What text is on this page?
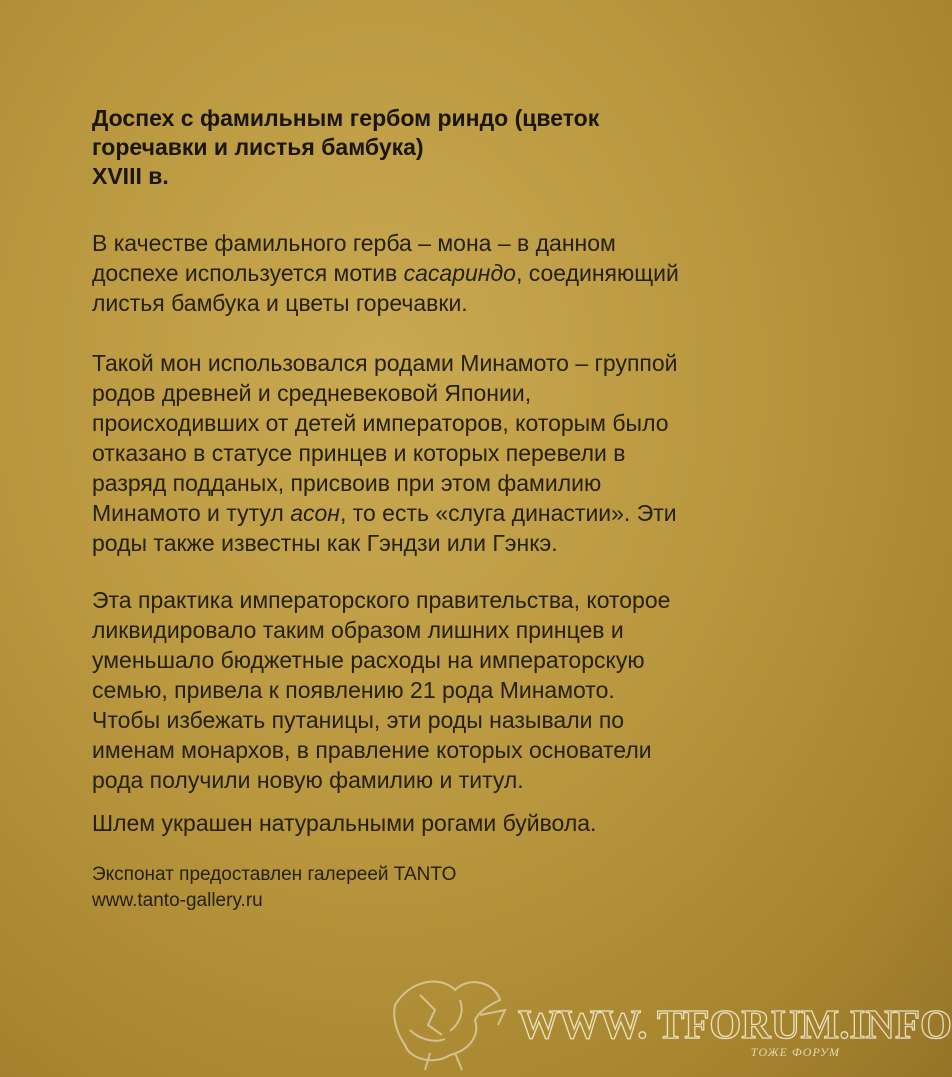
Доспех с фамильным гербом риндо (цветок
горечавки и листья бамбука)
XVIII в.
В качестве фамильного герба – мона – в данном
доспехе используется мотив сасариндо, соединяющий
листья бамбука и цветы горечавки.
Такой мон использовался родами Минамото – группой
родов древней и средневековой Японии,
происходивших от детей императоров, которым было
отказано в статусе принцев и которых перевели в
разряд подданых, присвоив при этом фамилию
Минамото и тутул асон, то есть «слуга династии». Эти
роды также известны как Гэндзи или Гэнкэ.
Эта практика императорского правительства, которое
ликвидировало таким образом лишних принцев и
уменьшало бюджетные расходы на императорскую
семью, привела к появлению 21 рода Минамото.
Чтобы избежать путаницы, эти роды называли по
именам монархов, в правление которых основатели
рода получили новую фамилию и титул.
Шлем украшен натуральными рогами буйвола.
Экспонат предоставлен галереей TANTO
www.tanto-gallery.ru
WWW. TFORUM.INFO
ТОЖЕ ФОРУМ
